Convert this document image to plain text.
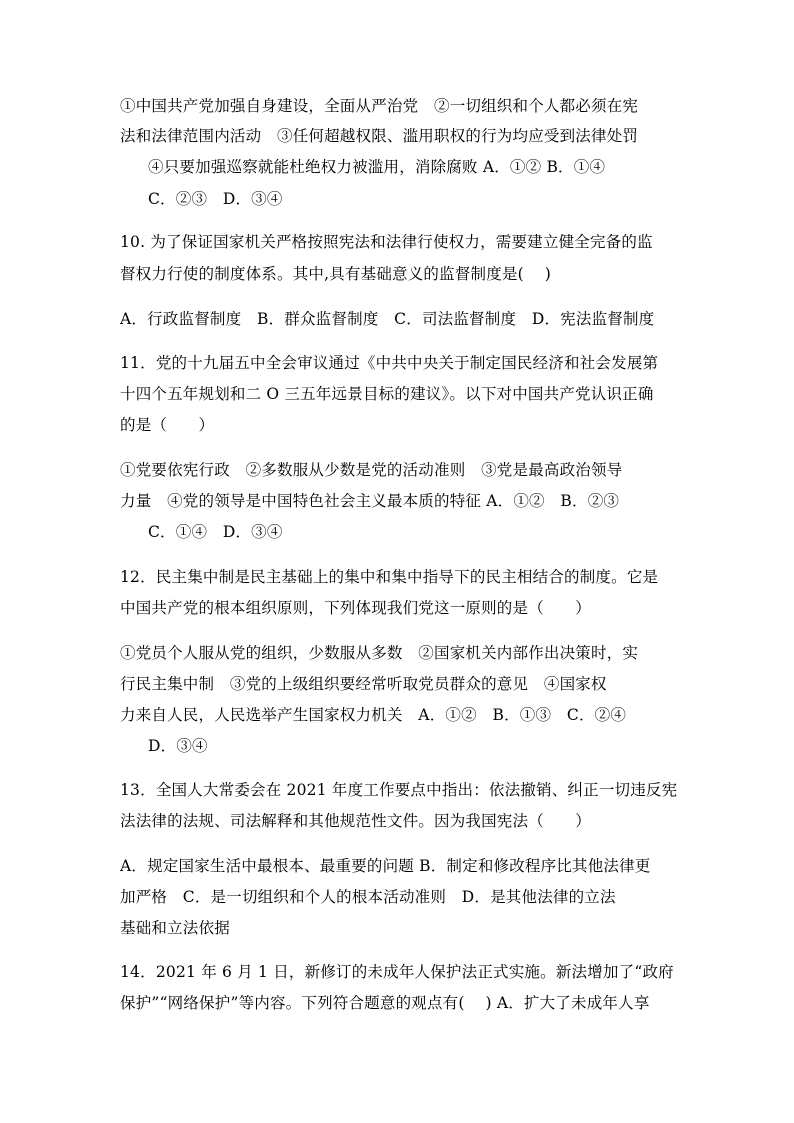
①中国共产党加强自身建设，全面从严治党　②一切组织和个人都必须在宪
法和法律范围内活动　③任何超越权限、滥用职权的行为均应受到法律处罚
④只要加强巡察就能杜绝权力被滥用，消除腐败 A．①② B．①④
C．②③　D．③④
10. 为了保证国家机关严格按照宪法和法律行使权力，需要建立健全完备的监
督权力行使的制度体系。其中,具有基础意义的监督制度是(　 )
A．行政监督制度　B．群众监督制度　C．司法监督制度　D．宪法监督制度
11．党的十九届五中全会审议通过《中共中央关于制定国民经济和社会发展第
十四个五年规划和二 O 三五年远景目标的建议》。以下对中国共产党认识正确
的是（　　）
①党要依宪行政　②多数服从少数是党的活动准则　③党是最高政治领导
力量　④党的领导是中国特色社会主义最本质的特征 A．①②　B．②③
C．①④　D．③④
12．民主集中制是民主基础上的集中和集中指导下的民主相结合的制度。它是
中国共产党的根本组织原则，下列体现我们党这一原则的是（　　）
①党员个人服从党的组织，少数服从多数　②国家机关内部作出决策时，实
行民主集中制　③党的上级组织要经常听取党员群众的意见　④国家权
力来自人民，人民选举产生国家权力机关　A．①②　B．①③　C．②④
D．③④
13．全国人大常委会在 2021 年度工作要点中指出：依法撤销、纠正一切违反宪
法法律的法规、司法解释和其他规范性文件。因为我国宪法（　　）
A．规定国家生活中最根本、最重要的问题 B．制定和修改程序比其他法律更
加严格　C．是一切组织和个人的根本活动准则　D．是其他法律的立法
基础和立法依据
14．2021 年 6 月 1 日，新修订的未成年人保护法正式实施。新法增加了“政府
保护”“网络保护”等内容。下列符合题意的观点有(　 ) A．扩大了未成年人享
